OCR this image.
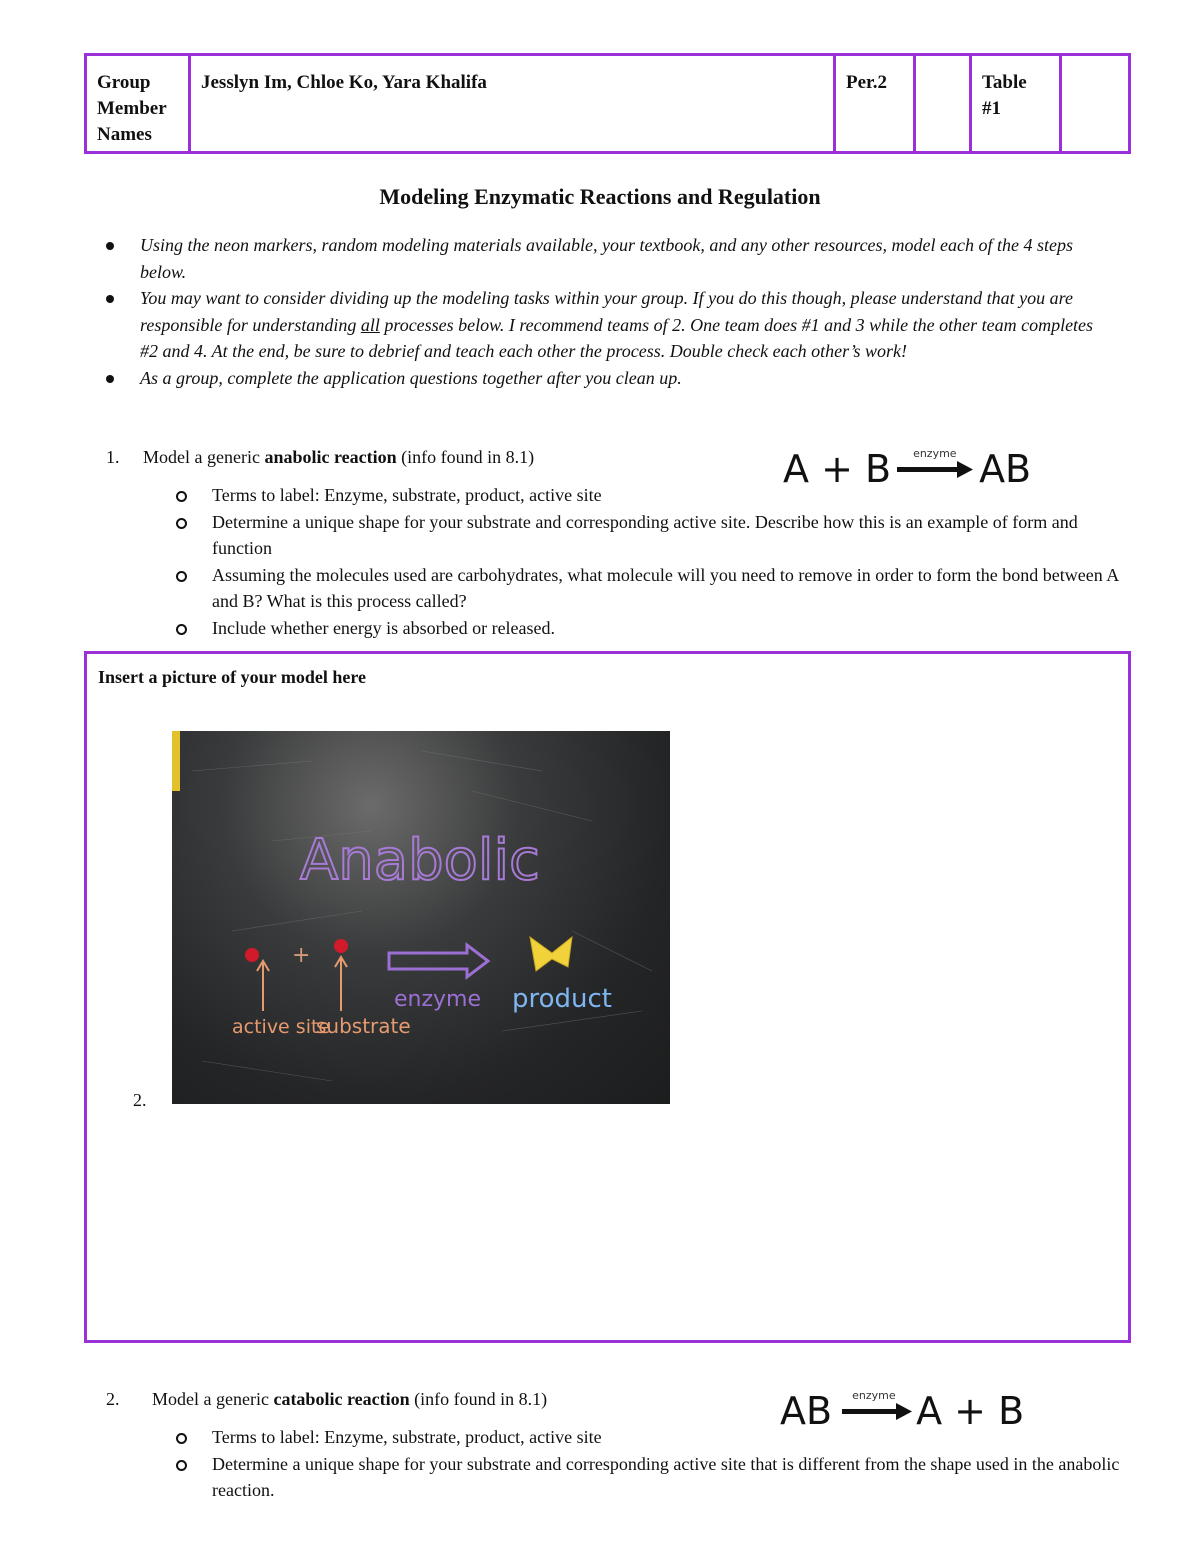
Group Member Names	Jesslyn Im, Chloe Ko, Yara Khalifa	Per.2		Table #1	
Modeling Enzymatic Reactions and Regulation
Using the neon markers, random modeling materials available, your textbook, and any other resources, model each of the 4 steps below.
You may want to consider dividing up the modeling tasks within your group. If you do this though, please understand that you are responsible for understanding all processes below. I recommend teams of 2. One team does #1 and 3 while the other team completes #2 and 4. At the end, be sure to debrief and teach each other the process. Double check each other’s work!
As a group, complete the application questions together after you clean up.
1. Model a generic anabolic reaction (info found in 8.1)	A + B enzyme AB
Terms to label: Enzyme, substrate, product, active site
Determine a unique shape for your substrate and corresponding active site. Describe how this is an example of form and function
Assuming the molecules used are carbohydrates, what molecule will you need to remove in order to form the bond between A and B? What is this process called?
Include whether energy is absorbed or released.
Insert a picture of your model here
2.
Anabolic
+
active site
substrate
enzyme product
2. Model a generic catabolic reaction (info found in 8.1)	AB enzyme A + B
Terms to label: Enzyme, substrate, product, active site
Determine a unique shape for your substrate and corresponding active site that is different from the shape used in the anabolic reaction.
